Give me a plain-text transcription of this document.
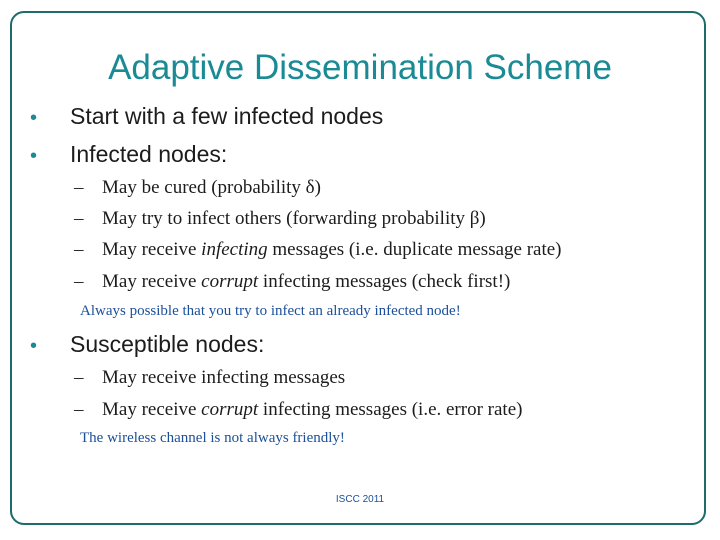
Adaptive Dissemination Scheme
• Start with a few infected nodes
• Infected nodes:
– May be cured (probability δ)
– May try to infect others (forwarding probability β)
– May receive infecting messages (i.e. duplicate message rate)
– May receive corrupt infecting messages (check first!)
Always possible that you try to infect an already infected node!
• Susceptible nodes:
– May receive infecting messages
– May receive corrupt infecting messages (i.e. error rate)
The wireless channel is not always friendly!
ISCC 2011
